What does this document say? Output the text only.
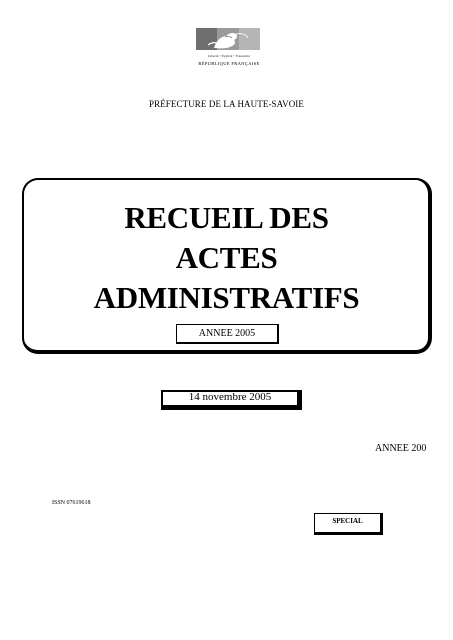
Liberté • Égalité • Fraternité
RÉPUBLIQUE FRANÇAISE
PRÉFECTURE DE LA HAUTE-SAVOIE
RECUEIL DES
ACTES
ADMINISTRATIFS
ANNEE 2005
14 novembre 2005
ANNEE 200
ISSN 07619618
SPECIAL
